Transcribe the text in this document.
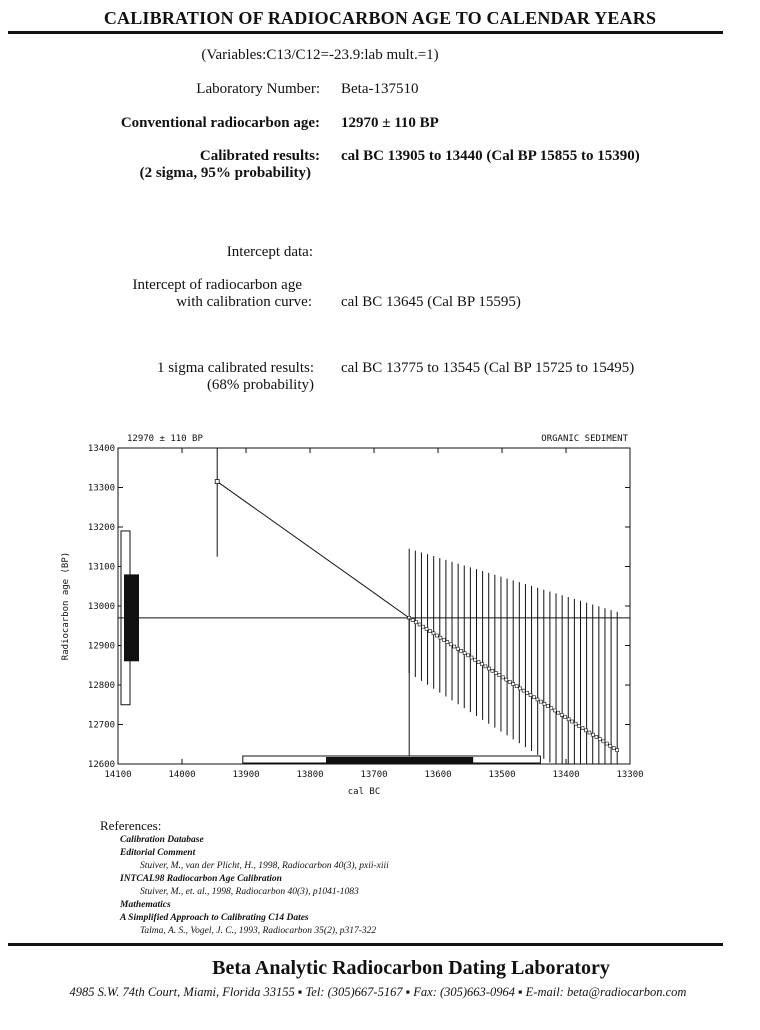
CALIBRATION OF RADIOCARBON AGE TO CALENDAR YEARS
(Variables:C13/C12=-23.9:lab mult.=1)
Laboratory Number: Beta-137510
Conventional radiocarbon age: 12970 ± 110 BP
Calibrated results:
(2 sigma, 95% probability)
cal BC 13905 to 13440 (Cal BP 15855 to 15390)
Intercept data:
Intercept of radiocarbon age
with calibration curve: cal BC 13645 (Cal BP 15595)
1 sigma calibrated results:
(68% probability)
cal BC 13775 to 13545 (Cal BP 15725 to 15495)
14100	14000	13900	13800	13700	13600	13500	13400	13300
12600
12700
12800
12900
13000
13100
13200
13300
13400
12970 ± 110 BP	ORGANIC SEDIMENT
cal BC
Radiocarbon age (BP)
References:
Calibration Database
Editorial Comment
Stuiver, M., van der Plicht, H., 1998, Radiocarbon 40(3), pxii-xiii
INTCAL98 Radiocarbon Age Calibration
Stuiver, M., et. al., 1998, Radiocarbon 40(3), p1041-1083
Mathematics
A Simplified Approach to Calibrating C14 Dates
Talma, A. S., Vogel, J. C., 1993, Radiocarbon 35(2), p317-322
Beta Analytic Radiocarbon Dating Laboratory
4985 S.W. 74th Court, Miami, Florida 33155 ▪ Tel: (305)667-5167 ▪ Fax: (305)663-0964 ▪ E-mail: beta@radiocarbon.com
